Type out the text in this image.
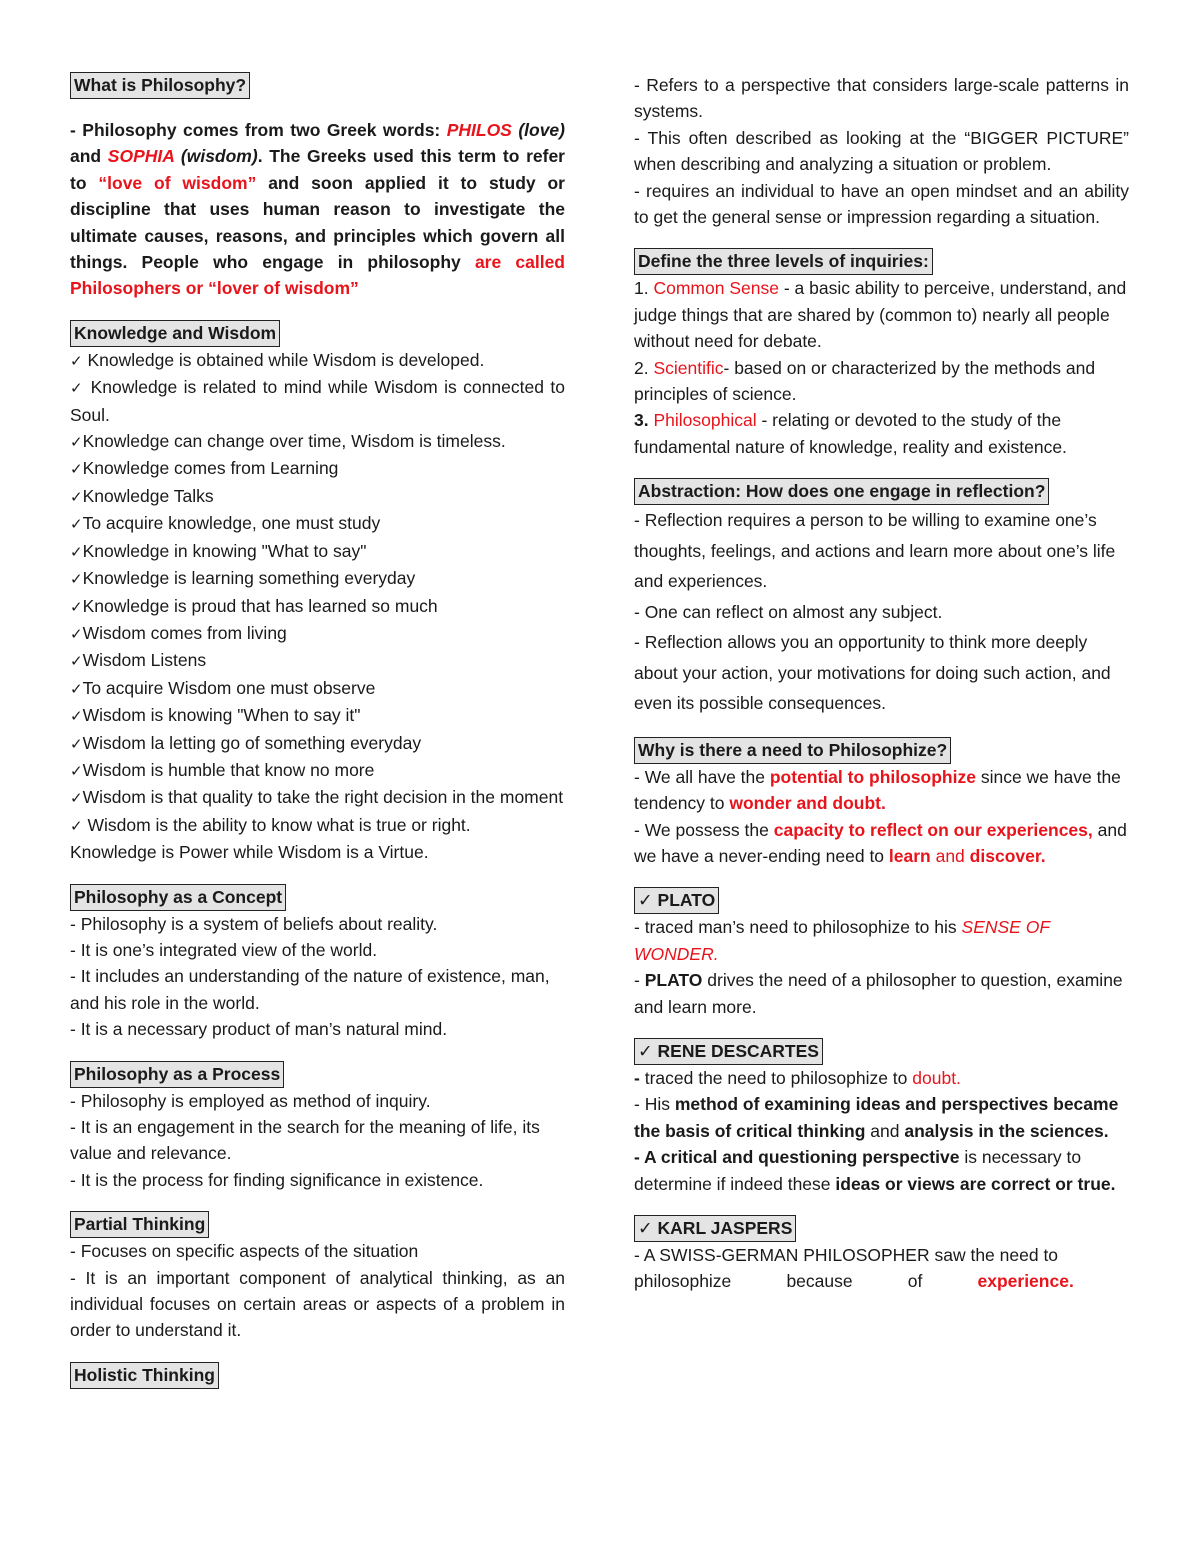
What is Philosophy?

- Philosophy comes from two Greek words: PHILOS (love) and SOPHIA (wisdom). The Greeks used this term to refer to “love of wisdom” and soon applied it to study or discipline that uses human reason to investigate the ultimate causes, reasons, and principles which govern all things. People who engage in philosophy are called Philosophers or “lover of wisdom”

Knowledge and Wisdom

✓ Knowledge is obtained while Wisdom is developed.

✓ Knowledge is related to mind while Wisdom is connected to Soul.

✓Knowledge can change over time, Wisdom is timeless.

✓Knowledge comes from Learning

✓Knowledge Talks

✓To acquire knowledge, one must study

✓Knowledge in knowing "What to say"

✓Knowledge is learning something everyday

✓Knowledge is proud that has learned so much

✓Wisdom comes from living

✓Wisdom Listens

✓To acquire Wisdom one must observe

✓Wisdom is knowing "When to say it"

✓Wisdom la letting go of something everyday

✓Wisdom is humble that know no more

✓Wisdom is that quality to take the right decision in the moment

✓ Wisdom is the ability to know what is true or right.

Knowledge is Power while Wisdom is a Virtue.

Philosophy as a Concept

- Philosophy is a system of beliefs about reality.

- It is one’s integrated view of the world.

- It includes an understanding of the nature of existence, man, and his role in the world.

- It is a necessary product of man’s natural mind.

Philosophy as a Process

- Philosophy is employed as method of inquiry.

- It is an engagement in the search for the meaning of life, its value and relevance.

- It is the process for finding significance in existence.

Partial Thinking

- Focuses on specific aspects of the situation

- It is an important component of analytical thinking, as an individual focuses on certain areas or aspects of a problem in order to understand it.

Holistic Thinking

- Refers to a perspective that considers large-scale patterns in systems.

- This often described as looking at the “BIGGER PICTURE” when describing and analyzing a situation or problem.

- requires an individual to have an open mindset and an ability to get the general sense or impression regarding a situation.

Define the three levels of inquiries:

1. Common Sense - a basic ability to perceive, understand, and judge things that are shared by (common to) nearly all people without need for debate.

2. Scientific- based on or characterized by the methods and principles of science.

3. Philosophical - relating or devoted to the study of the fundamental nature of knowledge, reality and existence.

Abstraction: How does one engage in reflection?

- Reflection requires a person to be willing to examine one’s thoughts, feelings, and actions and learn more about one’s life and experiences.

- One can reflect on almost any subject.

- Reflection allows you an opportunity to think more deeply about your action, your motivations for doing such action, and even its possible consequences.

Why is there a need to Philosophize?

- We all have the potential to philosophize since we have the tendency to wonder and doubt.

- We possess the capacity to reflect on our experiences, and we have a never-ending need to learn and discover.

✓ PLATO

- traced man’s need to philosophize to his SENSE OF WONDER.

- PLATO drives the need of a philosopher to question, examine and learn more.

✓ RENE DESCARTES

- traced the need to philosophize to doubt.

- His method of examining ideas and perspectives became the basis of critical thinking and analysis in the sciences.

- A critical and questioning perspective is necessary to determine if indeed these ideas or views are correct or true.

✓ KARL JASPERS

- A SWISS-GERMAN PHILOSOPHER saw the need to

philosophize	because	of	experience.
